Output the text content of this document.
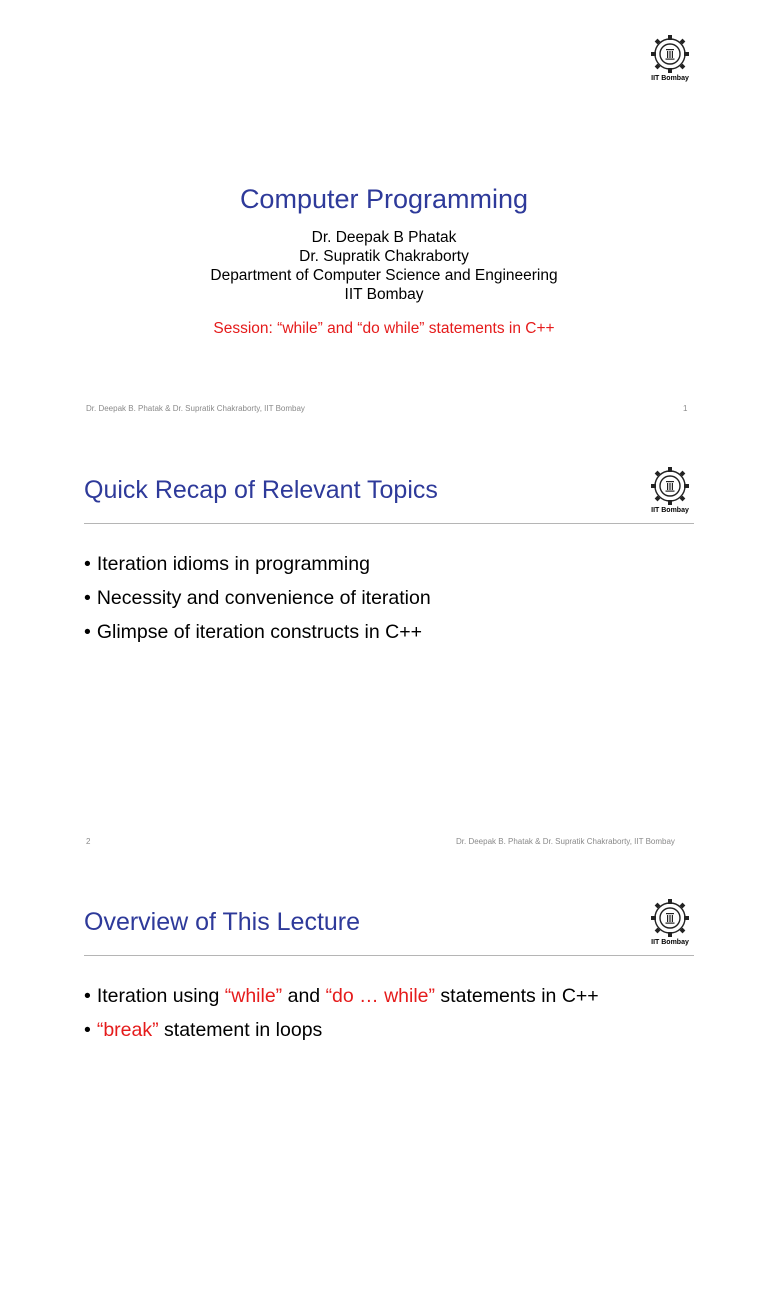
IIT Bombay
Computer Programming
Dr. Deepak B Phatak
Dr. Supratik Chakraborty
Department of Computer Science and Engineering
IIT Bombay
Session: “while” and “do while” statements in C++
Dr. Deepak B. Phatak & Dr. Supratik Chakraborty, IIT Bombay	1
Quick Recap of Relevant Topics
IIT Bombay
• Iteration idioms in programming
• Necessity and convenience of iteration
• Glimpse of iteration constructs in C++
2	Dr. Deepak B. Phatak & Dr. Supratik Chakraborty, IIT Bombay
Overview of This Lecture
IIT Bombay
• Iteration using “while” and “do … while” statements in C++
• “break” statement in loops
